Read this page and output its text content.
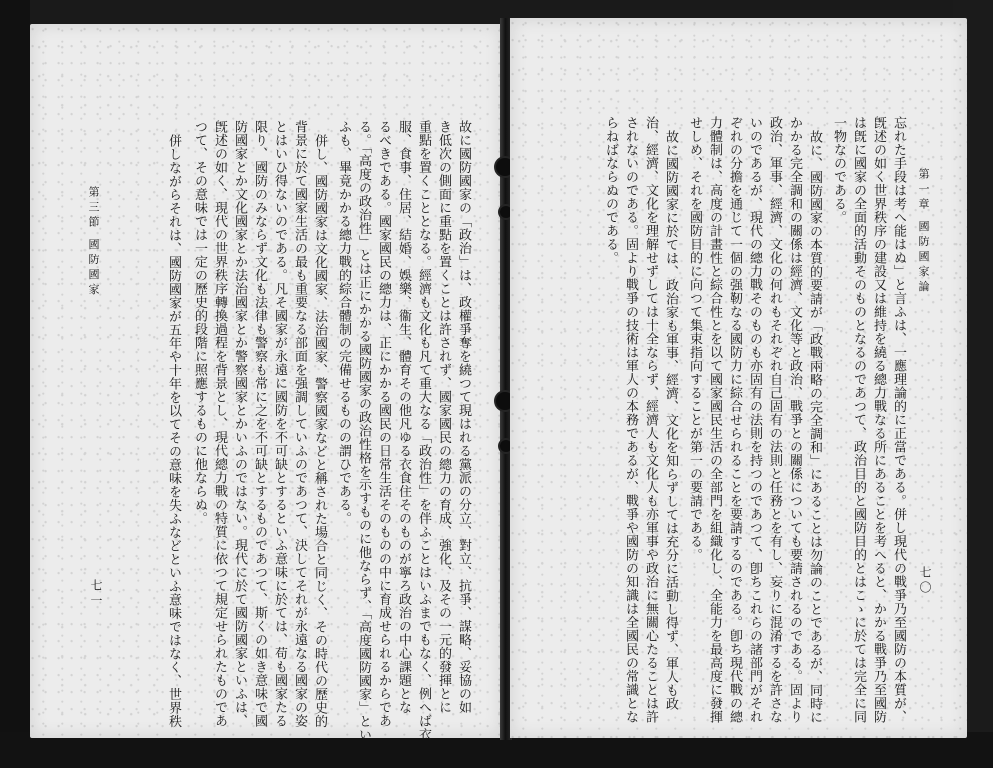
故に國防國家の「政治」は、政權爭奪を繞つて現はれる黨派の分立、對立、抗爭、謀略、妥協の如
き低次の側面に重點を置くことは許されず、國家國民の總力の育成、強化、及その一元的發揮とに
重點を置くこととなる。經濟も文化も凡て重大なる「政治性」を伴ふことはいふまでもなく、例へば衣
服、食事、住居、結婚、娛樂、衞生、體育その他凡ゆる衣食住そのものが寧ろ政治の中心課題とな
るべきである。國家國民の總力は、正にかかる國民の日常生活そのものの中に育成せられるからであ
る。「高度の政治性」とは正にかかる國防國家の政治性格を示すものに他ならず、「高度國防國家」とい
ふも、畢竟かかる總力戰的綜合體制の完備せるものの謂ひである。
併し、國防國家は文化國家、法治國家、警察國家などと稱された場合と同じく、その時代の歷史的
背景に於て國家生活の最も重要なる部面を强調していふのであつて、決してそれが永遠なる國家の姿
とはいひ得ないのである。凡そ國家が永遠に國防を不可缺とするといふ意味に於ては、苟も國家たる
限り、國防のみならず文化も法律も警察も常に之を不可缺とするものであつて、斯くの如き意味で國
防國家とか文化國家とか法治國家とか警察國家とかいふのではない。現代に於て國防國家といふは、
旣述の如く、現代の世界秩序轉換過程を背景とし、現代總力戰の特質に依つて規定せられたものであ
つて、その意味では一定の歷史的段階に照應するものに他ならぬ。
併しながらそれは、國防國家が五年や十年を以てその意味を失ふなどといふ意味ではなく、世界秩
第三節 國防國家
七一
第一章 國防國家論
七〇
忘れた手段は考へ能はぬ」と言ふは、一應理論的に正當である。併し現代の戰爭乃至國防の本質が、
旣述の如く世界秩序の建設又は維持を繞る總力戰なる所にあることを考へると、かかる戰爭乃至國防
は旣に國家の全面的活動そのものとなるのであつて、政治目的と國防目的とはこゝに於ては完全に同
一物なのである。
故に、國防國家の本質的要請が「政戰兩略の完全調和」にあることは勿論のことであるが、同時に
かかる完全調和の關係は經濟、文化等と政治、戰爭との關係についても要請されるのである。固より
政治、軍事、經濟、文化の何れもそれぞれ自己固有の法則と任務とを有し、妄りに混淆するを許さな
いのであるが、現代の總力戰そのものも亦固有の法則を持つのであつて、卽ちこれらの諸部門がそれ
ぞれの分擔を通じて一個の强靭なる國防力に綜合せられることを要請するのである。卽ち現代戰の總
力體制は、高度の計畫性と綜合性とを以て國家國民生活の全部門を組織化し、全能力を最高度に發揮
せしめ、それを國防目的に向つて集束指向することが第一の要請である。
故に國防國家に於ては、政治家も軍事、經濟、文化を知らずしては充分に活動し得ず、軍人も政
治、經濟、文化を理解せずしては十全ならず、經濟人も文化人も亦軍事や政治に無關心たることは許
されないのである。固より戰爭の技術は軍人の本務であるが、戰爭や國防の知識は全國民の常識とな
らねばならぬのである。
